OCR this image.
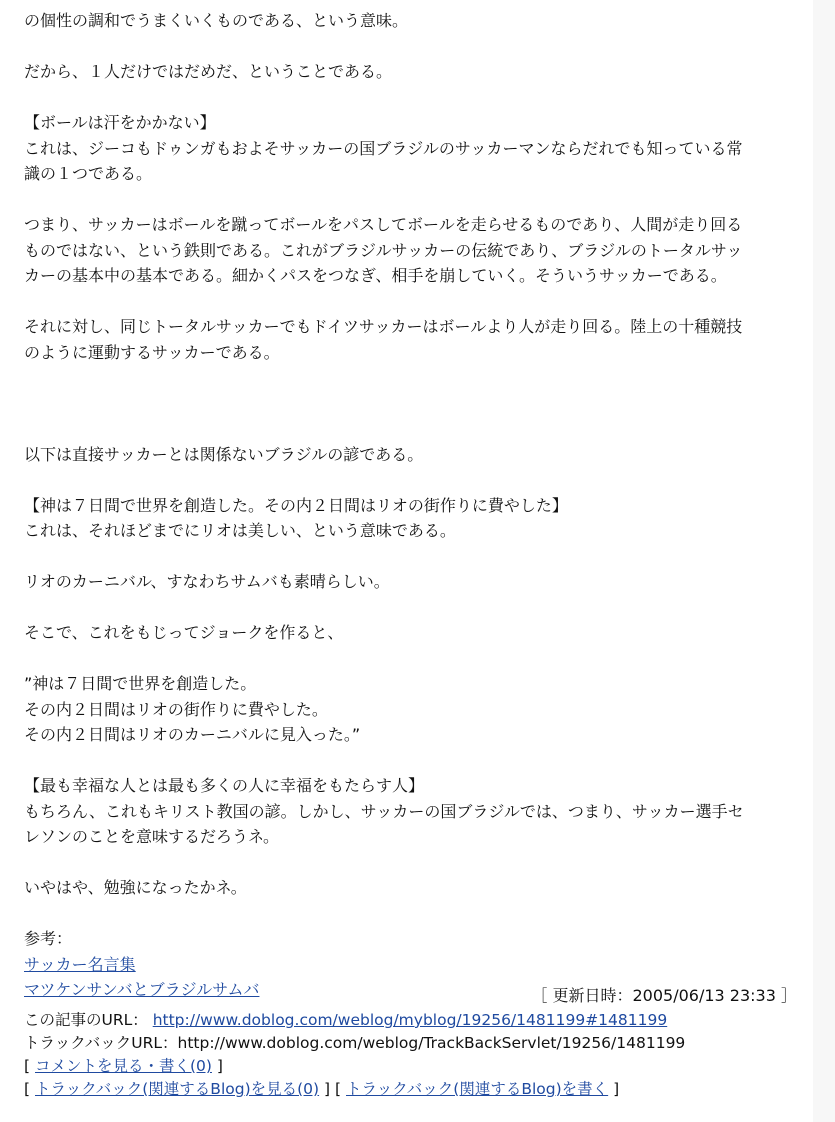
の個性の調和でうまくいくものである、という意味。
だから、１人だけではだめだ、ということである。
【ボールは汗をかかない】
これは、ジーコもドゥンガもおよそサッカーの国ブラジルのサッカーマンならだれでも知っている常
識の１つである。
つまり、サッカーはボールを蹴ってボールをパスしてボールを走らせるものであり、人間が走り回る
ものではない、という鉄則である。これがブラジルサッカーの伝統であり、ブラジルのトータルサッ
カーの基本中の基本である。細かくパスをつなぎ、相手を崩していく。そういうサッカーである。
それに対し、同じトータルサッカーでもドイツサッカーはボールより人が走り回る。陸上の十種競技
のように運動するサッカーである。
以下は直接サッカーとは関係ないブラジルの諺である。
【神は７日間で世界を創造した。その内２日間はリオの街作りに費やした】
これは、それほどまでにリオは美しい、という意味である。
リオのカーニバル、すなわちサムバも素晴らしい。
そこで、これをもじってジョークを作ると、
”神は７日間で世界を創造した。
その内２日間はリオの街作りに費やした。
その内２日間はリオのカーニバルに見入った。”
【最も幸福な人とは最も多くの人に幸福をもたらす人】
もちろん、これもキリスト教国の諺。しかし、サッカーの国ブラジルでは、つまり、サッカー選手セ
レソンのことを意味するだろうネ。
いやはや、勉強になったかネ。
参考：
サッカー名言集
マツケンサンバとブラジルサムバ	［ 更新日時：2005/06/13 23:33 ］
この記事のURL： http://www.doblog.com/weblog/myblog/19256/1481199#1481199
トラックバックURL：http://www.doblog.com/weblog/TrackBackServlet/19256/1481199
[ コメントを見る・書く(0) ]
[ トラックバック(関連するBlog)を見る(0) ] [ トラックバック(関連するBlog)を書く ]
